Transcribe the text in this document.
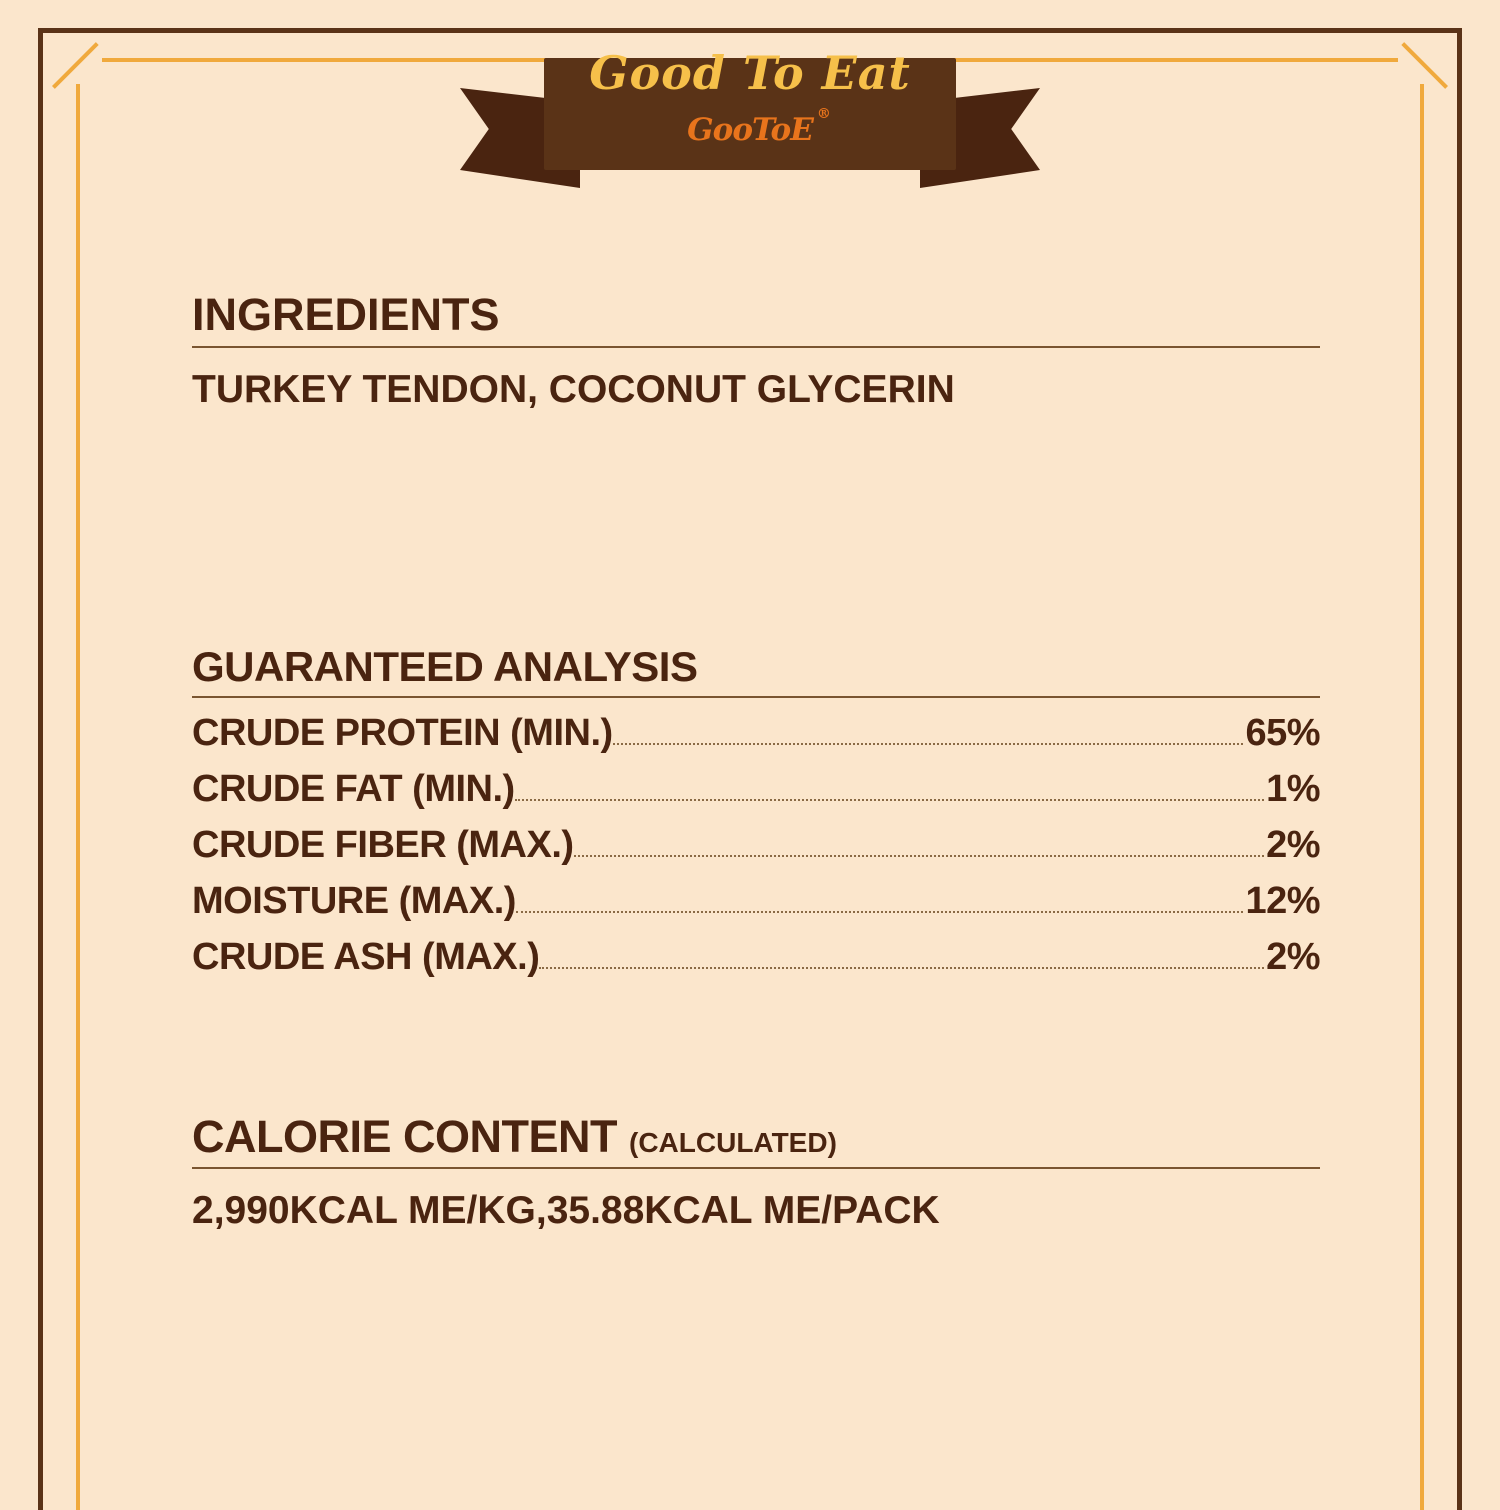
Good To Eat
GooToE ®
INGREDIENTS
TURKEY TENDON, COCONUT GLYCERIN
GUARANTEED ANALYSIS
CRUDE PROTEIN (MIN.)	65%
CRUDE FAT (MIN.)	1%
CRUDE FIBER (MAX.)	2%
MOISTURE (MAX.)	12%
CRUDE ASH (MAX.)	2%
CALORIE CONTENT (CALCULATED)
2,990KCAL ME/KG,35.88KCAL ME/PACK
